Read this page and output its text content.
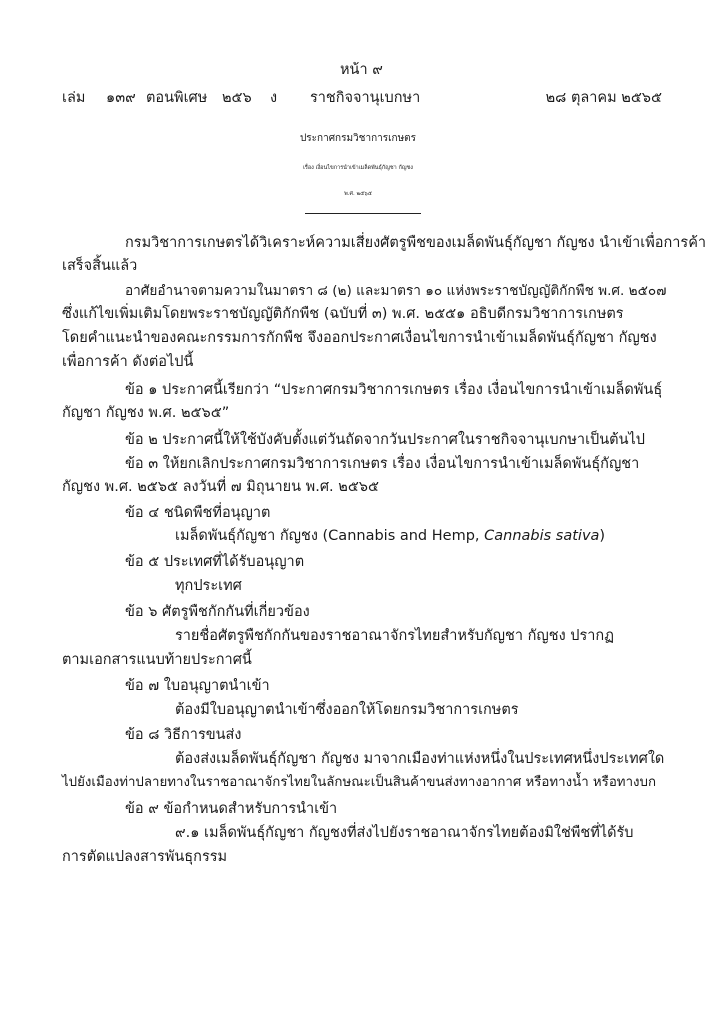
หน้า ๙
เล่ม ๑๓๙ ตอนพิเศษ ๒๕๖ ง ราชกิจจานุเบกษา	๒๘ ตุลาคม ๒๕๖๕
ประกาศกรมวิชาการเกษตร
เรื่อง เงื่อนไขการนำเข้าเมล็ดพันธุ์กัญชา กัญชง
พ.ศ. ๒๕๖๕
กรมวิชาการเกษตรได้วิเคราะห์ความเสี่ยงศัตรูพืชของเมล็ดพันธุ์กัญชา กัญชง นำเข้าเพื่อการค้า
เสร็จสิ้นแล้ว
อาศัยอำนาจตามความในมาตรา ๘ (๒) และมาตรา ๑๐ แห่งพระราชบัญญัติกักพืช พ.ศ. ๒๕๐๗
ซึ่งแก้ไขเพิ่มเติมโดยพระราชบัญญัติกักพืช (ฉบับที่ ๓) พ.ศ. ๒๕๕๑ อธิบดีกรมวิชาการเกษตร
โดยคำแนะนำของคณะกรรมการกักพืช จึงออกประกาศเงื่อนไขการนำเข้าเมล็ดพันธุ์กัญชา กัญชง
เพื่อการค้า ดังต่อไปนี้
ข้อ ๑ ประกาศนี้เรียกว่า “ประกาศกรมวิชาการเกษตร เรื่อง เงื่อนไขการนำเข้าเมล็ดพันธุ์
กัญชา กัญชง พ.ศ. ๒๕๖๕”
ข้อ ๒ ประกาศนี้ให้ใช้บังคับตั้งแต่วันถัดจากวันประกาศในราชกิจจานุเบกษาเป็นต้นไป
ข้อ ๓ ให้ยกเลิกประกาศกรมวิชาการเกษตร เรื่อง เงื่อนไขการนำเข้าเมล็ดพันธุ์กัญชา
กัญชง พ.ศ. ๒๕๖๕ ลงวันที่ ๗ มิถุนายน พ.ศ. ๒๕๖๕
ข้อ ๔ ชนิดพืชที่อนุญาต
เมล็ดพันธุ์กัญชา กัญชง (Cannabis and Hemp, Cannabis sativa)
ข้อ ๕ ประเทศที่ได้รับอนุญาต
ทุกประเทศ
ข้อ ๖ ศัตรูพืชกักกันที่เกี่ยวข้อง
รายชื่อศัตรูพืชกักกันของราชอาณาจักรไทยสำหรับกัญชา กัญชง ปรากฏ
ตามเอกสารแนบท้ายประกาศนี้
ข้อ ๗ ใบอนุญาตนำเข้า
ต้องมีใบอนุญาตนำเข้าซึ่งออกให้โดยกรมวิชาการเกษตร
ข้อ ๘ วิธีการขนส่ง
ต้องส่งเมล็ดพันธุ์กัญชา กัญชง มาจากเมืองท่าแห่งหนึ่งในประเทศหนึ่งประเทศใด
ไปยังเมืองท่าปลายทางในราชอาณาจักรไทยในลักษณะเป็นสินค้าขนส่งทางอากาศ หรือทางน้ำ หรือทางบก
ข้อ ๙ ข้อกำหนดสำหรับการนำเข้า
๙.๑ เมล็ดพันธุ์กัญชา กัญชงที่ส่งไปยังราชอาณาจักรไทยต้องมิใช่พืชที่ได้รับ
การตัดแปลงสารพันธุกรรม
